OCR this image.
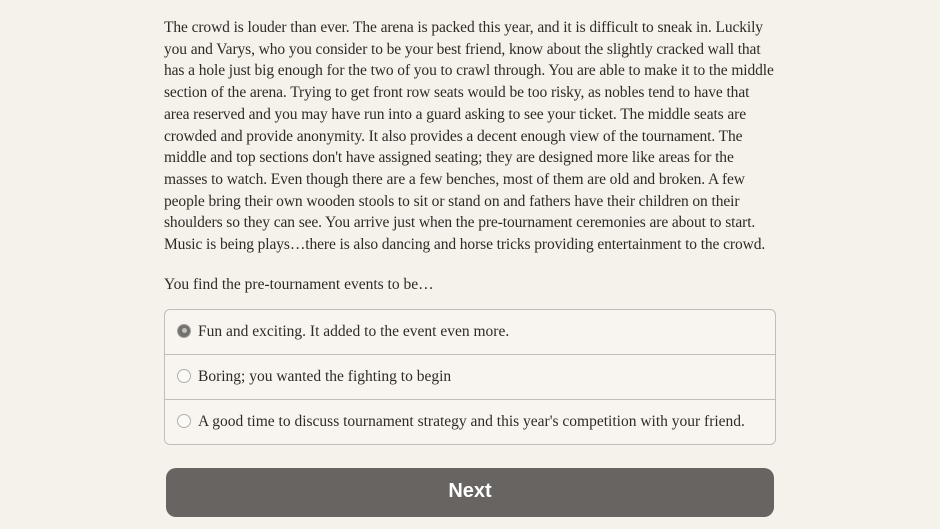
The crowd is louder than ever. The arena is packed this year, and it is difficult to sneak in. Luckily you and Varys, who you consider to be your best friend, know about the slightly cracked wall that has a hole just big enough for the two of you to crawl through. You are able to make it to the middle section of the arena. Trying to get front row seats would be too risky, as nobles tend to have that area reserved and you may have run into a guard asking to see your ticket. The middle seats are crowded and provide anonymity. It also provides a decent enough view of the tournament. The middle and top sections don't have assigned seating; they are designed more like areas for the masses to watch. Even though there are a few benches, most of them are old and broken. A few people bring their own wooden stools to sit or stand on and fathers have their children on their shoulders so they can see. You arrive just when the pre-tournament ceremonies are about to start. Music is being plays…there is also dancing and horse tricks providing entertainment to the crowd.

You find the pre-tournament events to be…

Fun and exciting. It added to the event even more.
Boring; you wanted the fighting to begin
A good time to discuss tournament strategy and this year's competition with your friend.
Next
